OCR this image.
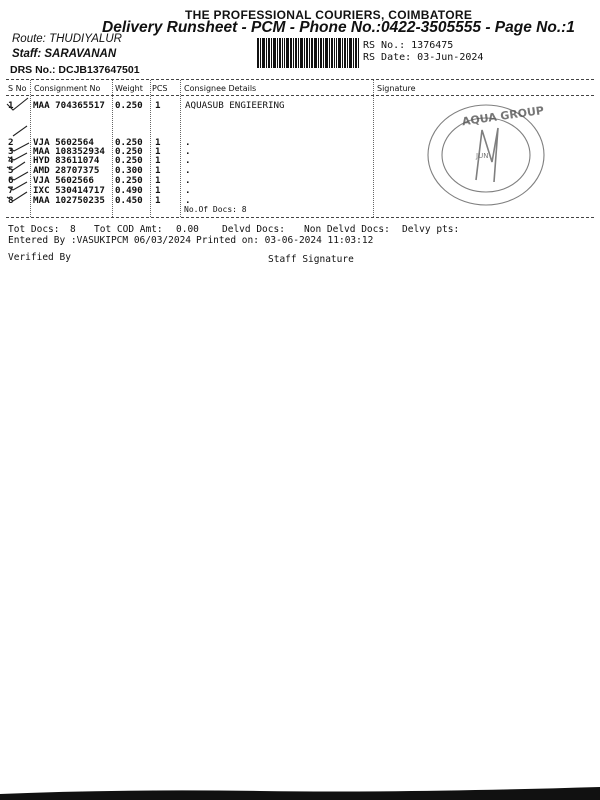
THE PROFESSIONAL COURIERS, COIMBATORE
Delivery Runsheet - PCM - Phone No.:0422-3505555 - Page No.:1
Route: THUDIYALUR
Staff: SARAVANAN
DRS No.: DCJB137647501
RS No.: 1376475
RS Date: 03-Jun-2024
S No Consignment No Weight PCS Consignee Details	Signature
1 MAA 704365517 0.250 1	AQUASUB ENGIEERING
2 VJA 5602564 0.250 1	.
3 MAA 108352934 0.250 1	.
4 HYD 83611074 0.250 1	.
5 AMD 28707375 0.300 1	.
6 VJA 5602566 0.250 1	.
7 IXC 530414717 0.490 1	.
8 MAA 102750235 0.450 1	.
No.Of Docs: 8
AQUA GROUP
JUN
Tot Docs: 8 Tot COD Amt: 0.00 Delvd Docs: Non Delvd Docs: Delvy pts:
Entered By :VASUKIPCM 06/03/2024 Printed on: 03-06-2024 11:03:12
Verified By	Staff Signature
